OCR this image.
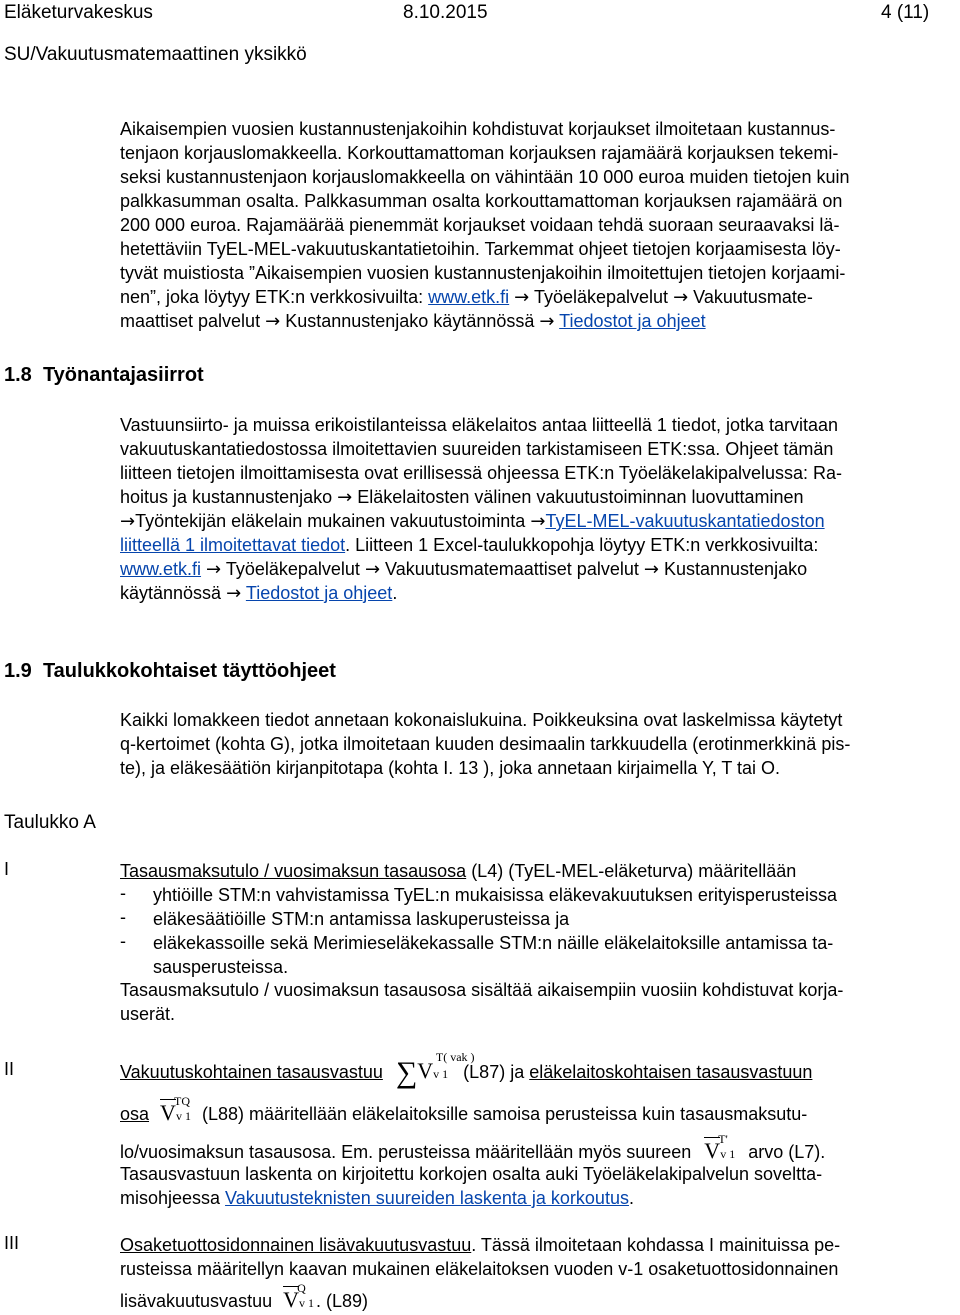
Eläketurvakeskus	8.10.2015	4 (11)
SU/Vakuutusmatemaattinen yksikkö
Aikaisempien vuosien kustannustenjakoihin kohdistuvat korjaukset ilmoitetaan kustannus-
tenjaon korjauslomakkeella. Korkouttamattoman korjauksen rajamäärä korjauksen tekemi-
seksi kustannustenjaon korjauslomakkeella on vähintään 10 000 euroa muiden tietojen kuin
palkkasumman osalta. Palkkasumman osalta korkouttamattoman korjauksen rajamäärä on
200 000 euroa. Rajamäärää pienemmät korjaukset voidaan tehdä suoraan seuraavaksi lä-
hetettäviin TyEL-MEL-vakuutuskantatietoihin. Tarkemmat ohjeet tietojen korjaamisesta löy-
tyvät muistiosta ”Aikaisempien vuosien kustannustenjakoihin ilmoitettujen tietojen korjaami-
nen”, joka löytyy ETK:n verkkosivuilta: www.etk.fi → Työeläkepalvelut → Vakuutusmate-
maattiset palvelut → Kustannustenjako käytännössä → Tiedostot ja ohjeet
1.8 Työnantajasiirrot
Vastuunsiirto- ja muissa erikoistilanteissa eläkelaitos antaa liitteellä 1 tiedot, jotka tarvitaan
vakuutuskantatiedostossa ilmoitettavien suureiden tarkistamiseen ETK:ssa. Ohjeet tämän
liitteen tietojen ilmoittamisesta ovat erillisessä ohjeessa ETK:n Työeläkelakipalvelussa: Ra-
hoitus ja kustannustenjako → Eläkelaitosten välinen vakuutustoiminnan luovuttaminen
→Työntekijän eläkelain mukainen vakuutustoiminta →TyEL-MEL-vakuutuskantatiedoston
liitteellä 1 ilmoitettavat tiedot. Liitteen 1 Excel-taulukkopohja löytyy ETK:n verkkosivuilta:
www.etk.fi → Työeläkepalvelut → Vakuutusmatemaattiset palvelut → Kustannustenjako
käytännössä → Tiedostot ja ohjeet.
1.9 Taulukkokohtaiset täyttöohjeet
Kaikki lomakkeen tiedot annetaan kokonaislukuina. Poikkeuksina ovat laskelmissa käytetyt
q-kertoimet (kohta G), jotka ilmoitetaan kuuden desimaalin tarkkuudella (erotinmerkkinä pis-
te), ja eläkesäätiön kirjanpitotapa (kohta I. 13 ), joka annetaan kirjaimella Y, T tai O.
Taulukko A
I	Tasausmaksutulo / vuosimaksun tasausosa (L4) (TyEL-MEL-eläketurva) määritellään
- yhtiöille STM:n vahvistamissa TyEL:n mukaisissa eläkevakuutuksen erityisperusteissa
- eläkesäätiöille STM:n antamissa laskuperusteissa ja
- eläkekassoille sekä Merimieseläkekassalle STM:n näille eläkelaitoksille antamissa ta-
sausperusteissa.
Tasausmaksutulo / vuosimaksun tasausosa sisältää aikaisempiin vuosiin kohdistuvat korja-
userät.
II	Vakuutuskohtainen tasausvastuu ∑V
T( vak )
v 1 (L87) ja eläkelaitoskohtaisen tasausvastuun
osa V
TQ
v 1 (L88) määritellään eläkelaitoksille samoisa perusteissa kuin tasausmaksutu-
lo/vuosimaksun tasausosa. Em. perusteissa määritellään myös suureen V
T'
v 1 arvo (L7).
Tasausvastuun laskenta on kirjoitettu korkojen osalta auki Työeläkelakipalvelun soveltta-
misohjeessa Vakuutusteknisten suureiden laskenta ja korkoutus.
III	Osaketuottosidonnainen lisävakuutusvastuu. Tässä ilmoitetaan kohdassa I mainituissa pe-
rusteissa määritellyn kaavan mukainen eläkelaitoksen vuoden v-1 osaketuottosidonnainen
lisävakuutusvastuu V
Q
v 1 . (L89)
